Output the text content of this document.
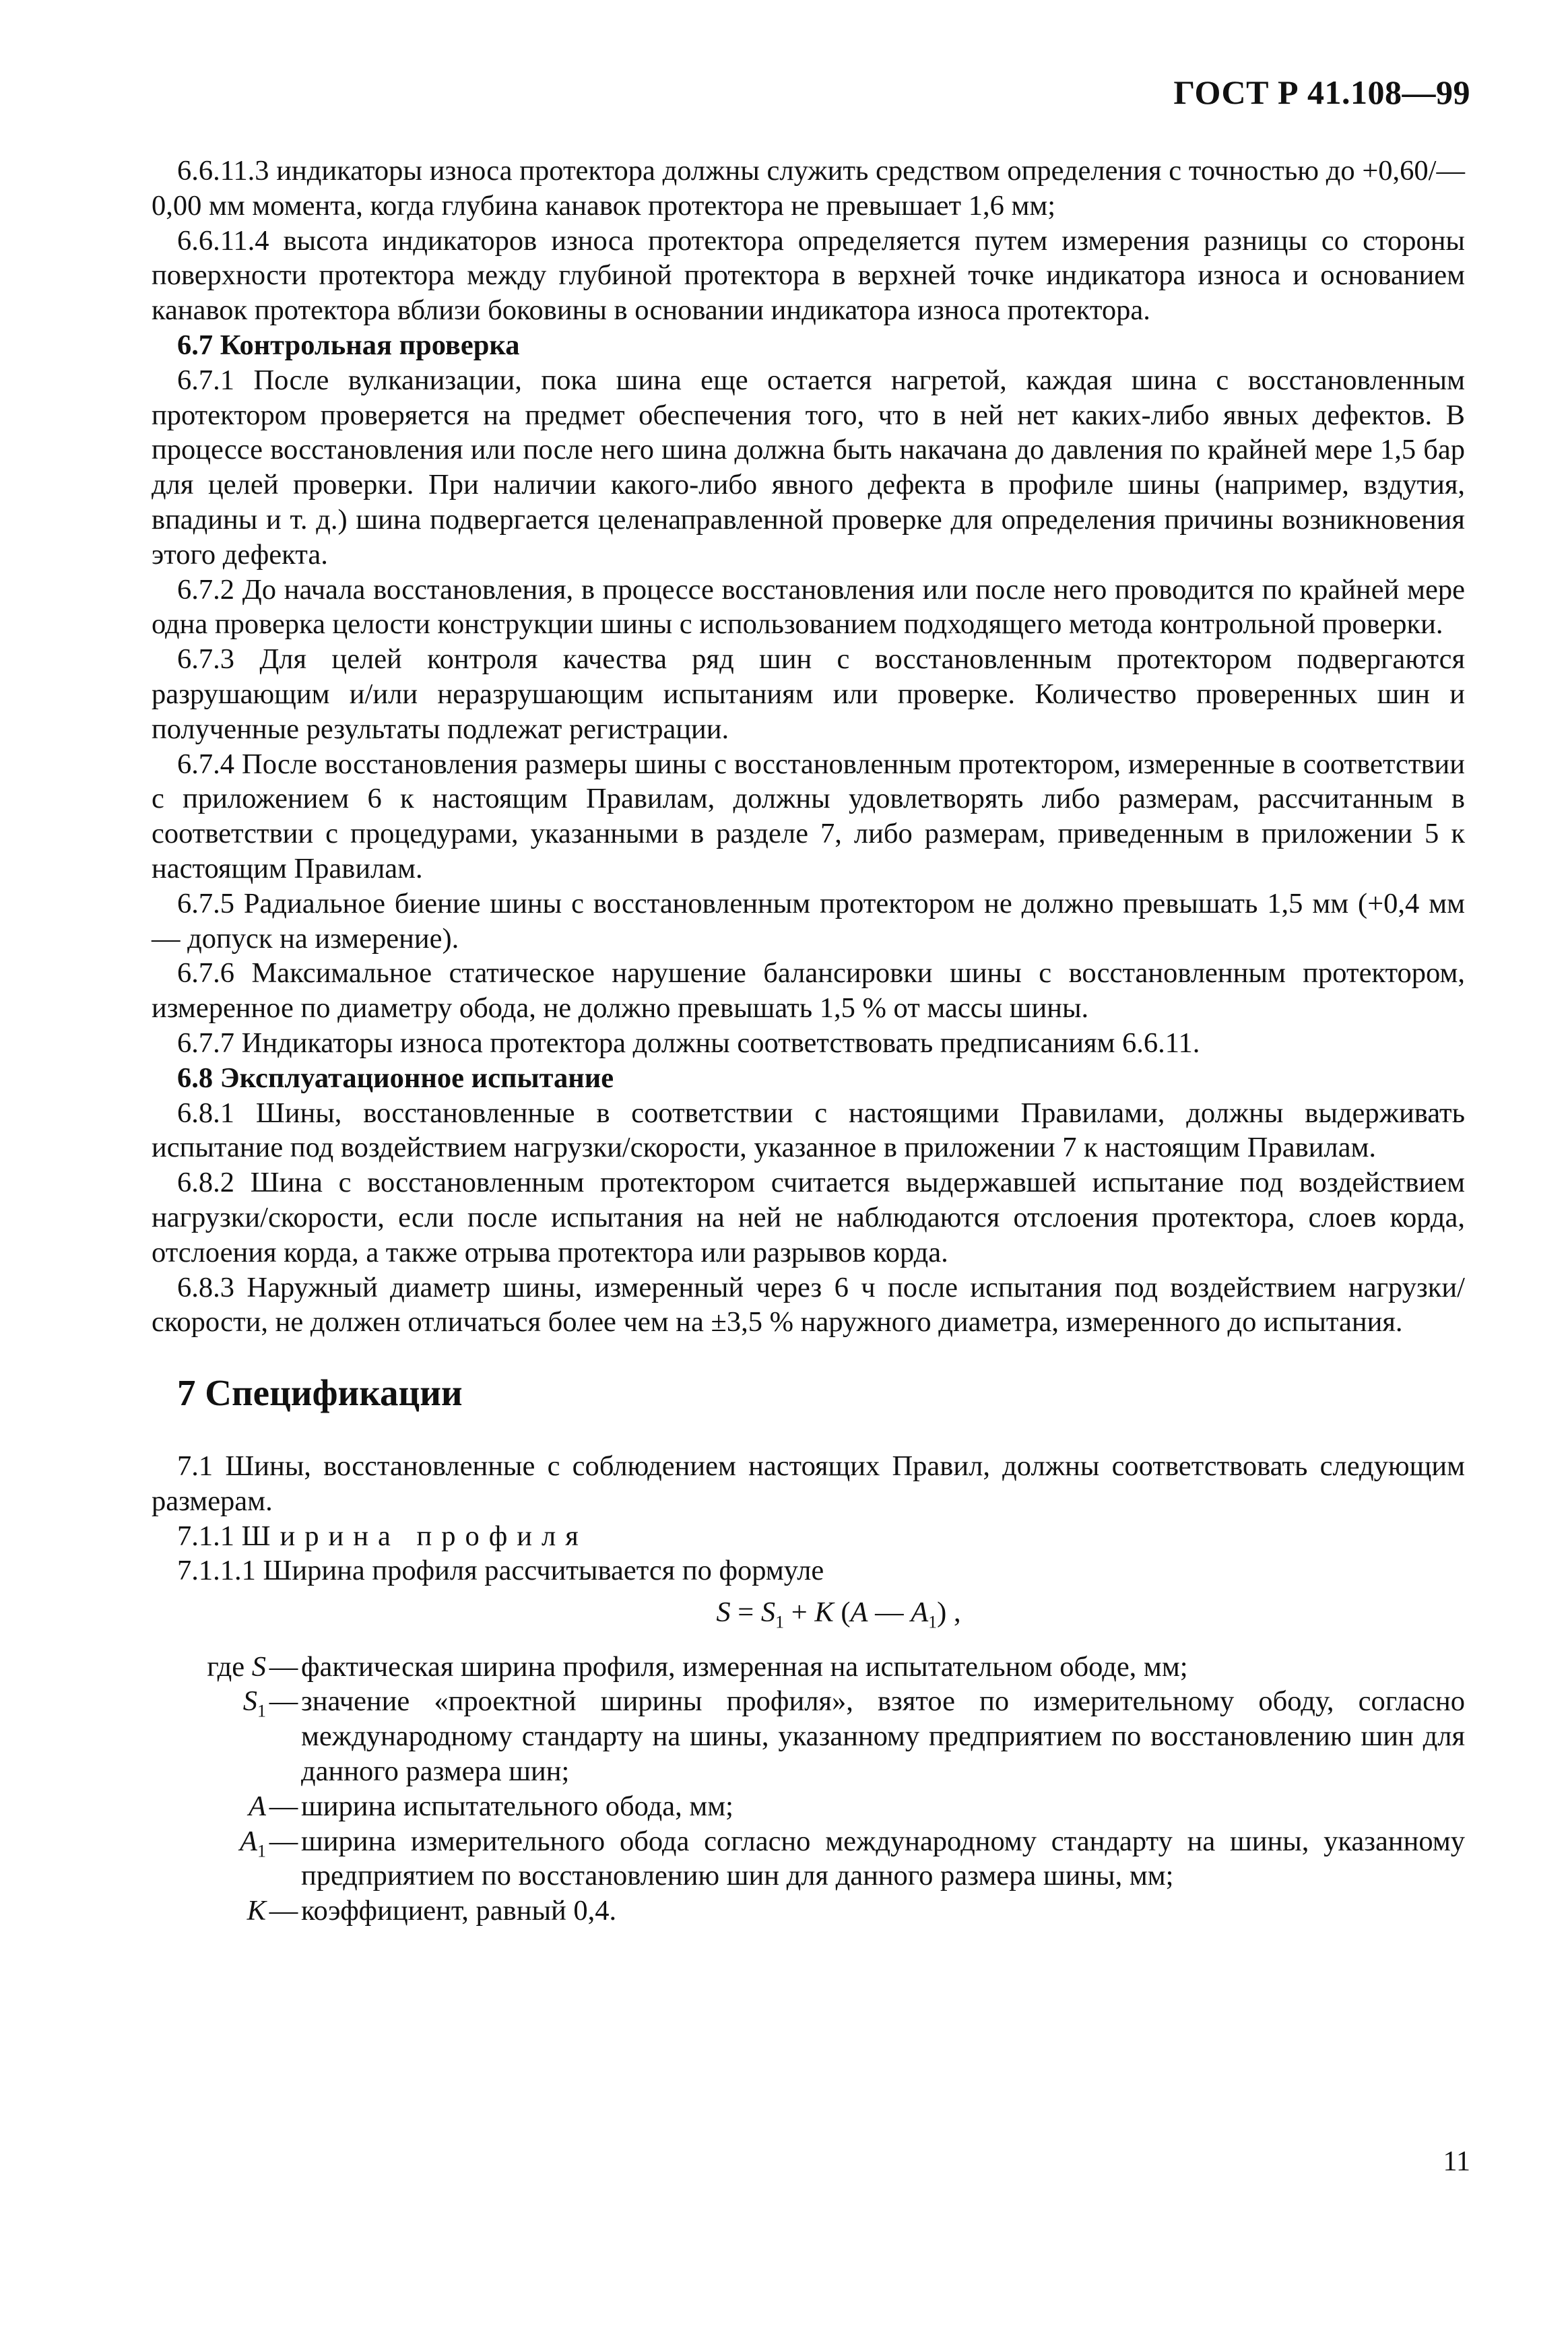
ГОСТ Р 41.108—99

6.6.11.3 индикаторы износа протектора должны служить средством определения с точностью до +0,60/—0,00 мм момента, когда глубина канавок протектора не превышает 1,6 мм;

6.6.11.4 высота индикаторов износа протектора определяется путем измерения разницы со стороны поверхности протектора между глубиной протектора в верхней точке индикатора износа и основанием канавок протектора вблизи боковины в основании индикатора износа протектора.

6.7 Контрольная проверка

6.7.1 После вулканизации, пока шина еще остается нагретой, каждая шина с восстановленным протектором проверяется на предмет обеспечения того, что в ней нет каких-либо явных дефектов. В процессе восстановления или после него шина должна быть накачана до давления по крайней мере 1,5 бар для целей проверки. При наличии какого-либо явного дефекта в профиле шины (например, вздутия, впадины и т. д.) шина подвергается целенаправленной проверке для определения причины возникновения этого дефекта.

6.7.2 До начала восстановления, в процессе восстановления или после него проводится по крайней мере одна проверка целости конструкции шины с использованием подходящего метода контрольной проверки.

6.7.3 Для целей контроля качества ряд шин с восстановленным протектором подвергаются разрушающим и/или неразрушающим испытаниям или проверке. Количество проверенных шин и полученные результаты подлежат регистрации.

6.7.4 После восстановления размеры шины с восстановленным протектором, измеренные в соответствии с приложением 6 к настоящим Правилам, должны удовлетворять либо размерам, рассчитанным в соответствии с процедурами, указанными в разделе 7, либо размерам, приведенным в приложении 5 к настоящим Правилам.

6.7.5 Радиальное биение шины с восстановленным протектором не должно превышать 1,5 мм (+0,4 мм — допуск на измерение).

6.7.6 Максимальное статическое нарушение балансировки шины с восстановленным протектором, измеренное по диаметру обода, не должно превышать 1,5 % от массы шины.

6.7.7 Индикаторы износа протектора должны соответствовать предписаниям 6.6.11.

6.8 Эксплуатационное испытание

6.8.1 Шины, восстановленные в соответствии с настоящими Правилами, должны выдерживать испытание под воздействием нагрузки/скорости, указанное в приложении 7 к настоящим Правилам.

6.8.2 Шина с восстановленным протектором считается выдержавшей испытание под воздействием нагрузки/скорости, если после испытания на ней не наблюдаются отслоения протектора, слоев корда, отслоения корда, а также отрыва протектора или разрывов корда.

6.8.3 Наружный диаметр шины, измеренный через 6 ч после испытания под воздействием нагрузки/скорости, не должен отличаться более чем на ±3,5 % наружного диаметра, измеренного до испытания.

7 Спецификации

7.1 Шины, восстановленные с соблюдением настоящих Правил, должны соответствовать следующим размерам.

7.1.1 Ширина профиля
7.1.1.1 Ширина профиля рассчитывается по формуле
$S = S_1 + K$ (A — $A_1$) ,
где S — фактическая ширина профиля, измеренная на испытательном ободе, мм;
$S_1$ — значение «проектной ширины профиля», взятое по измерительному ободу, согласно международному стандарту на шины, указанному предприятием по восстановлению шин для данного размера шин;
A — ширина испытательного обода, мм;
$A_1$ — ширина измерительного обода согласно международному стандарту на шины, указанному предприятием по восстановлению шин для данного размера шины, мм;
K — коэффициент, равный 0,4.
11
